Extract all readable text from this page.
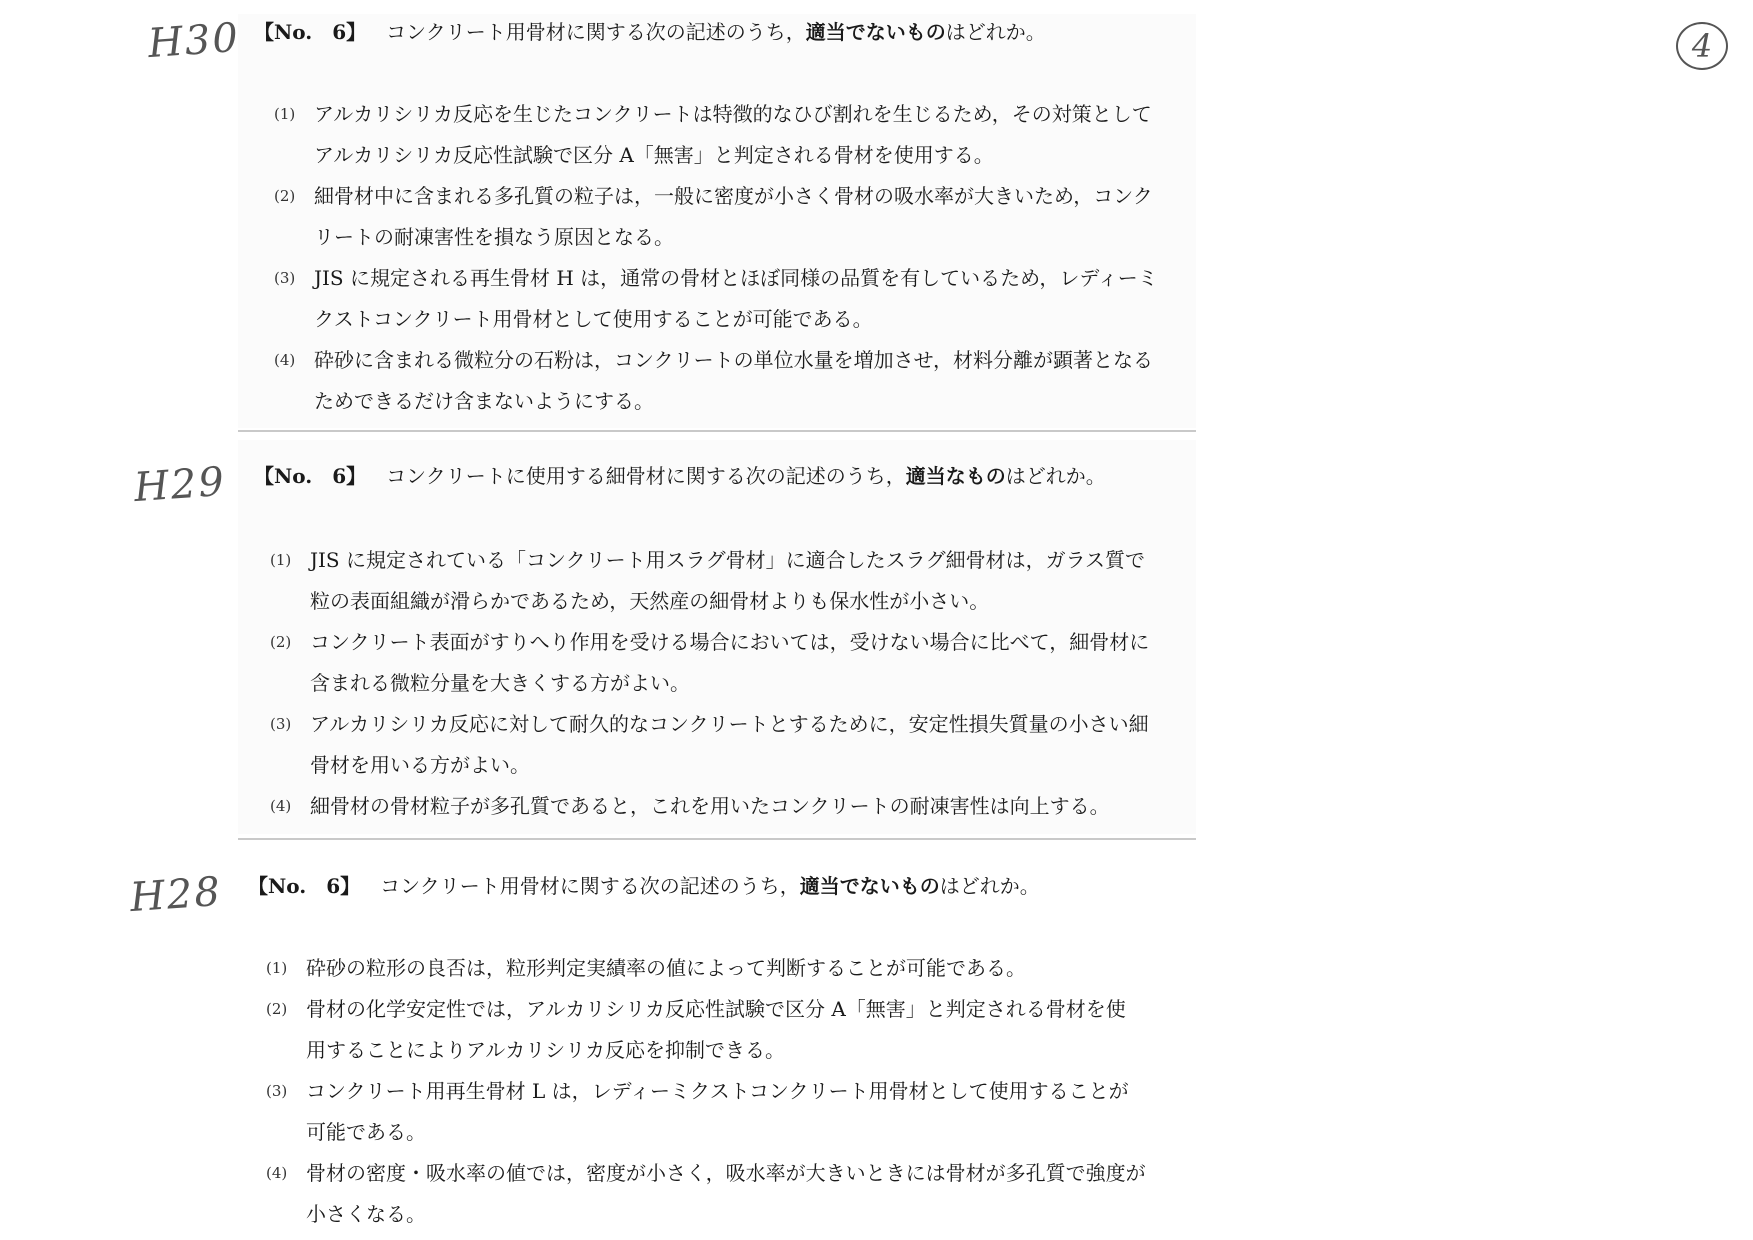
4
H30 【No.　6】 コンクリート用骨材に関する次の記述のうち，適当でないものはどれか。
(1) アルカリシリカ反応を生じたコンクリートは特徴的なひび割れを生じるため，その対策として
アルカリシリカ反応性試験で区分 A「無害」と判定される骨材を使用する。
(2) 細骨材中に含まれる多孔質の粒子は，一般に密度が小さく骨材の吸水率が大きいため，コンク
リートの耐凍害性を損なう原因となる。
(3) JIS に規定される再生骨材 H は，通常の骨材とほぼ同様の品質を有しているため，レディーミ
クストコンクリート用骨材として使用することが可能である。
(4) 砕砂に含まれる微粒分の石粉は，コンクリートの単位水量を増加させ，材料分離が顕著となる
ためできるだけ含まないようにする。
H29 【No.　6】 コンクリートに使用する細骨材に関する次の記述のうち，適当なものはどれか。
(1) JIS に規定されている「コンクリート用スラグ骨材」に適合したスラグ細骨材は，ガラス質で
粒の表面組織が滑らかであるため，天然産の細骨材よりも保水性が小さい。
(2) コンクリート表面がすりへり作用を受ける場合においては，受けない場合に比べて，細骨材に
含まれる微粒分量を大きくする方がよい。
(3) アルカリシリカ反応に対して耐久的なコンクリートとするために，安定性損失質量の小さい細
骨材を用いる方がよい。
(4) 細骨材の骨材粒子が多孔質であると，これを用いたコンクリートの耐凍害性は向上する。
H28 【No.　6】 コンクリート用骨材に関する次の記述のうち，適当でないものはどれか。
(1) 砕砂の粒形の良否は，粒形判定実績率の値によって判断することが可能である。
(2) 骨材の化学安定性では，アルカリシリカ反応性試験で区分 A「無害」と判定される骨材を使
用することによりアルカリシリカ反応を抑制できる。
(3) コンクリート用再生骨材 L は，レディーミクストコンクリート用骨材として使用することが
可能である。
(4) 骨材の密度・吸水率の値では，密度が小さく，吸水率が大きいときには骨材が多孔質で強度が
小さくなる。
